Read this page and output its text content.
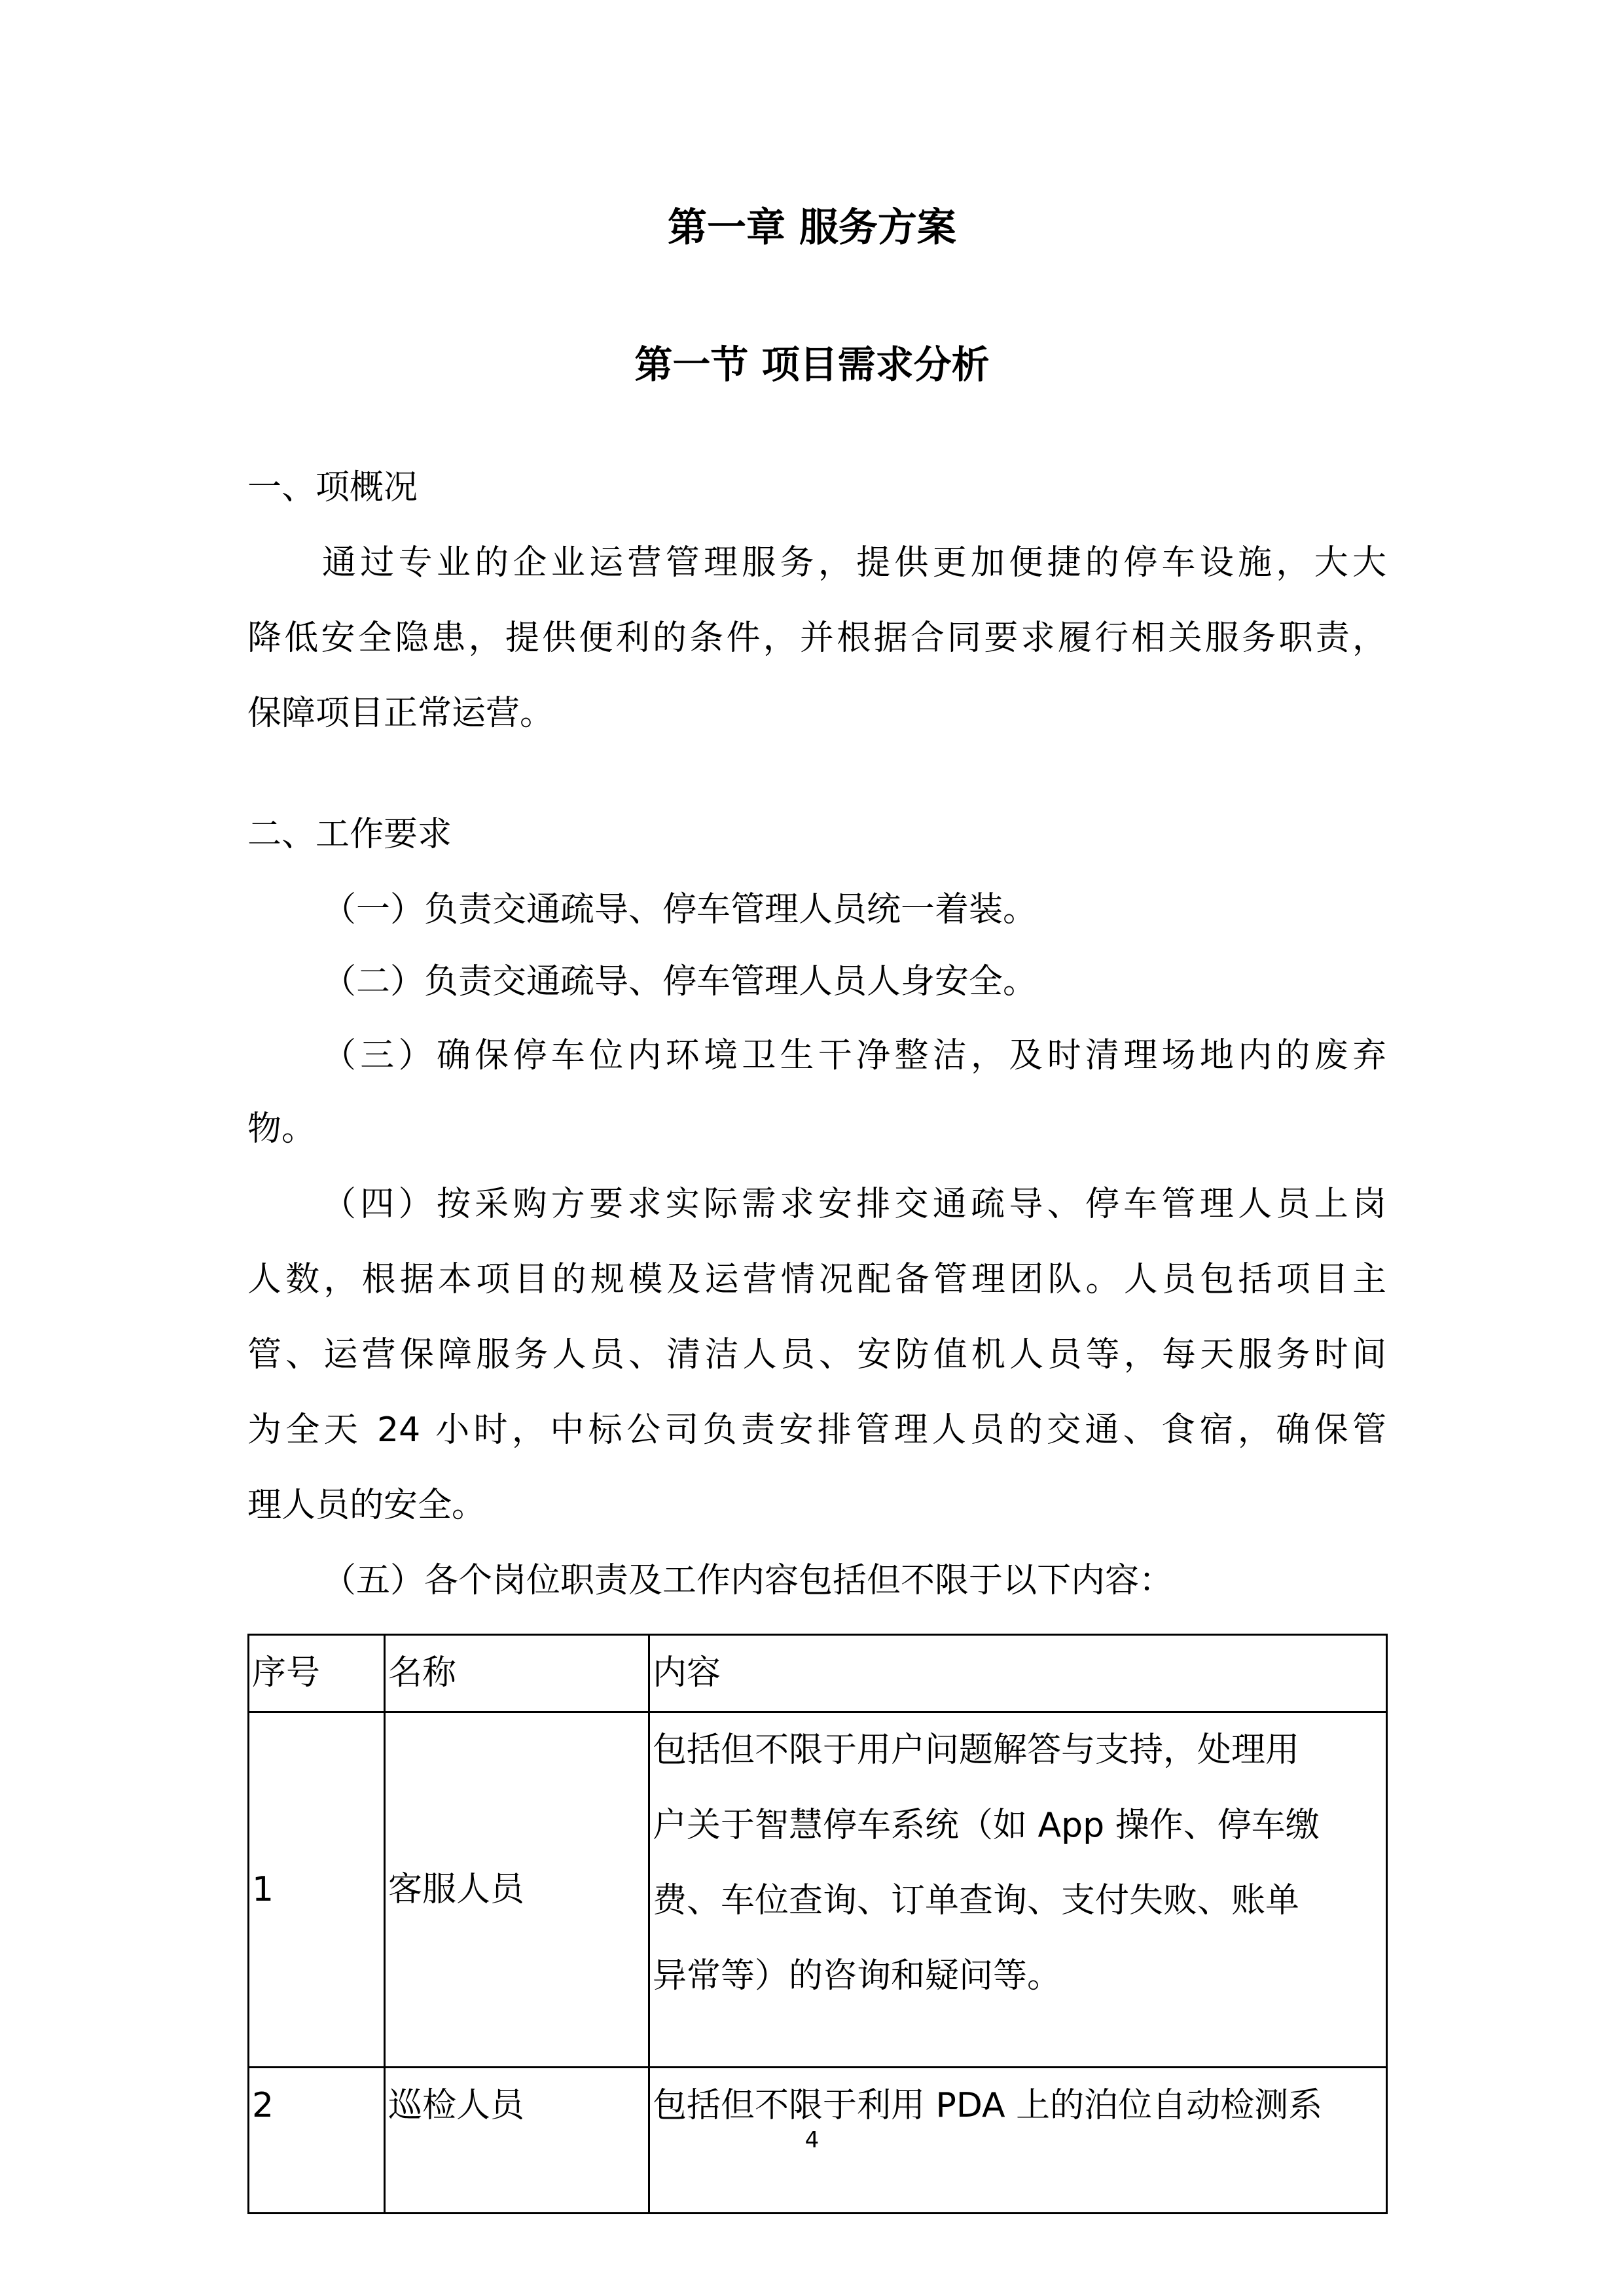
第一章 服务方案
第一节 项目需求分析
一、项概况
通过专业的企业运营管理服务，提供更加便捷的停车设施，大大
降低安全隐患，提供便利的条件，并根据合同要求履行相关服务职责，
保障项目正常运营。
二、工作要求
（一）负责交通疏导、停车管理人员统一着装。
（二）负责交通疏导、停车管理人员人身安全。
（三）确保停车位内环境卫生干净整洁，及时清理场地内的废弃
物。
（四）按采购方要求实际需求安排交通疏导、停车管理人员上岗
人数，根据本项目的规模及运营情况配备管理团队。人员包括项目主
管、运营保障服务人员、清洁人员、安防值机人员等，每天服务时间
为全天 24 小时，中标公司负责安排管理人员的交通、食宿，确保管
理人员的安全。
（五）各个岗位职责及工作内容包括但不限于以下内容：
序号	名称	内容
1	客服人员	包括但不限于用户问题解答与支持，处理用
户关于智慧停车系统（如 App 操作、停车缴
费、车位查询、订单查询、支付失败、账单
异常等）的咨询和疑问等。

2	巡检人员	包括但不限于利用 PDA 上的泊位自动检测系
4
